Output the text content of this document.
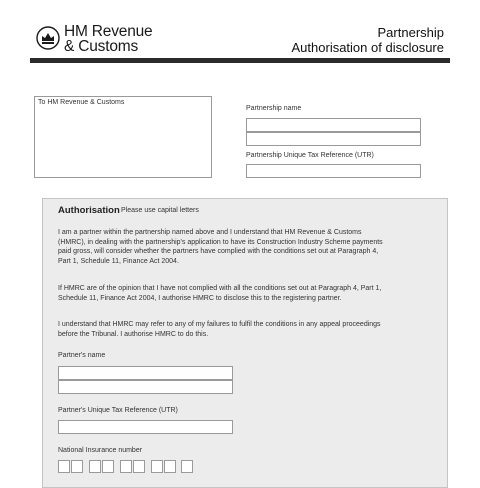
HM Revenue
& Customs
Partnership
Authorisation of disclosure
To HM Revenue & Customs
Partnership name
Partnership Unique Tax Reference (UTR)
Authorisation Please use capital letters
I am a partner within the partnership named above and I understand that HM Revenue & Customs (HMRC), in dealing with the partnership's application to have its Construction Industry Scheme payments paid gross, will consider whether the partners have complied with the conditions set out at Paragraph 4, Part 1, Schedule 11, Finance Act 2004.
If HMRC are of the opinion that I have not complied with all the conditions set out at Paragraph 4, Part 1, Schedule 11, Finance Act 2004, I authorise HMRC to disclose this to the registering partner.
I understand that HMRC may refer to any of my failures to fulfil the conditions in any appeal proceedings before the Tribunal. I authorise HMRC to do this.
Partner's name
Partner's Unique Tax Reference (UTR)
National Insurance number
